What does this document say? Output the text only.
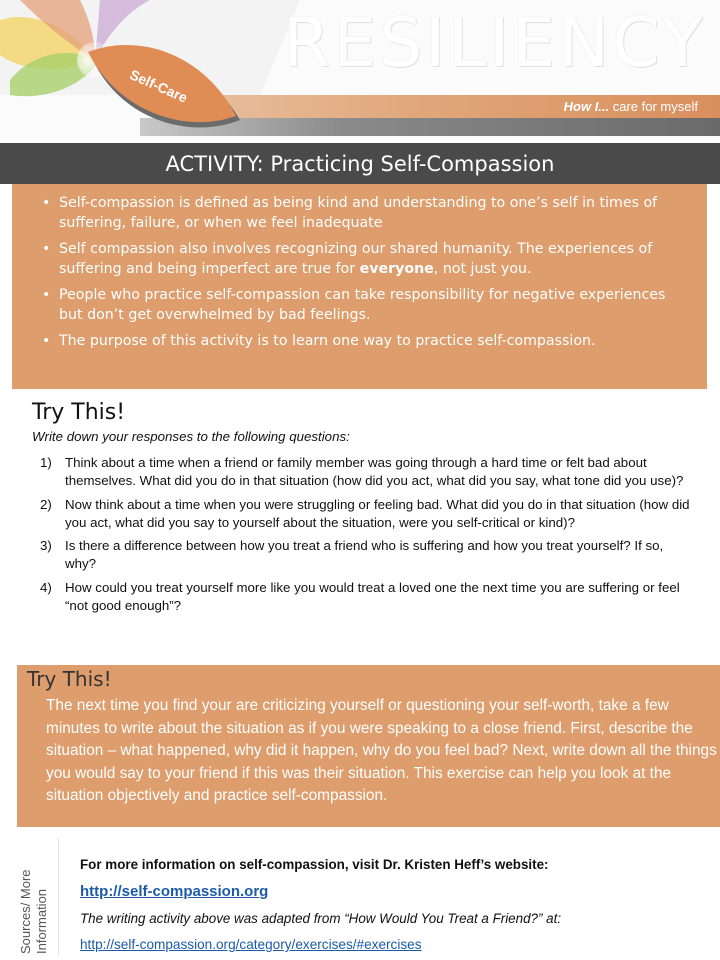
RESILIENCY
Self-Care
How I... care for myself
ACTIVITY: Practicing Self-Compassion
• Self-compassion is defined as being kind and understanding to one’s self in times of suffering, failure, or when we feel inadequate
• Self compassion also involves recognizing our shared humanity. The experiences of suffering and being imperfect are true for everyone, not just you.
• People who practice self-compassion can take responsibility for negative experiences but don’t get overwhelmed by bad feelings.
• The purpose of this activity is to learn one way to practice self-compassion.
Try This!
Write down your responses to the following questions:
1) Think about a time when a friend or family member was going through a hard time or felt bad about themselves. What did you do in that situation (how did you act, what did you say, what tone did you use)?
2) Now think about a time when you were struggling or feeling bad. What did you do in that situation (how did you act, what did you say to yourself about the situation, were you self-critical or kind)?
3) Is there a difference between how you treat a friend who is suffering and how you treat yourself? If so, why?
4) How could you treat yourself more like you would treat a loved one the next time you are suffering or feel “not good enough”?
Try This!
The next time you find your are criticizing yourself or questioning your self-worth, take a few minutes to write about the situation as if you were speaking to a close friend. First, describe the situation – what happened, why did it happen, why do you feel bad? Next, write down all the things you would say to your friend if this was their situation. This exercise can help you look at the situation objectively and practice self-compassion.
Sources/ More Information
For more information on self-compassion, visit Dr. Kristen Heff’s website:
http://self-compassion.org
The writing activity above was adapted from “How Would You Treat a Friend?” at:
http://self-compassion.org/category/exercises/#exercises
